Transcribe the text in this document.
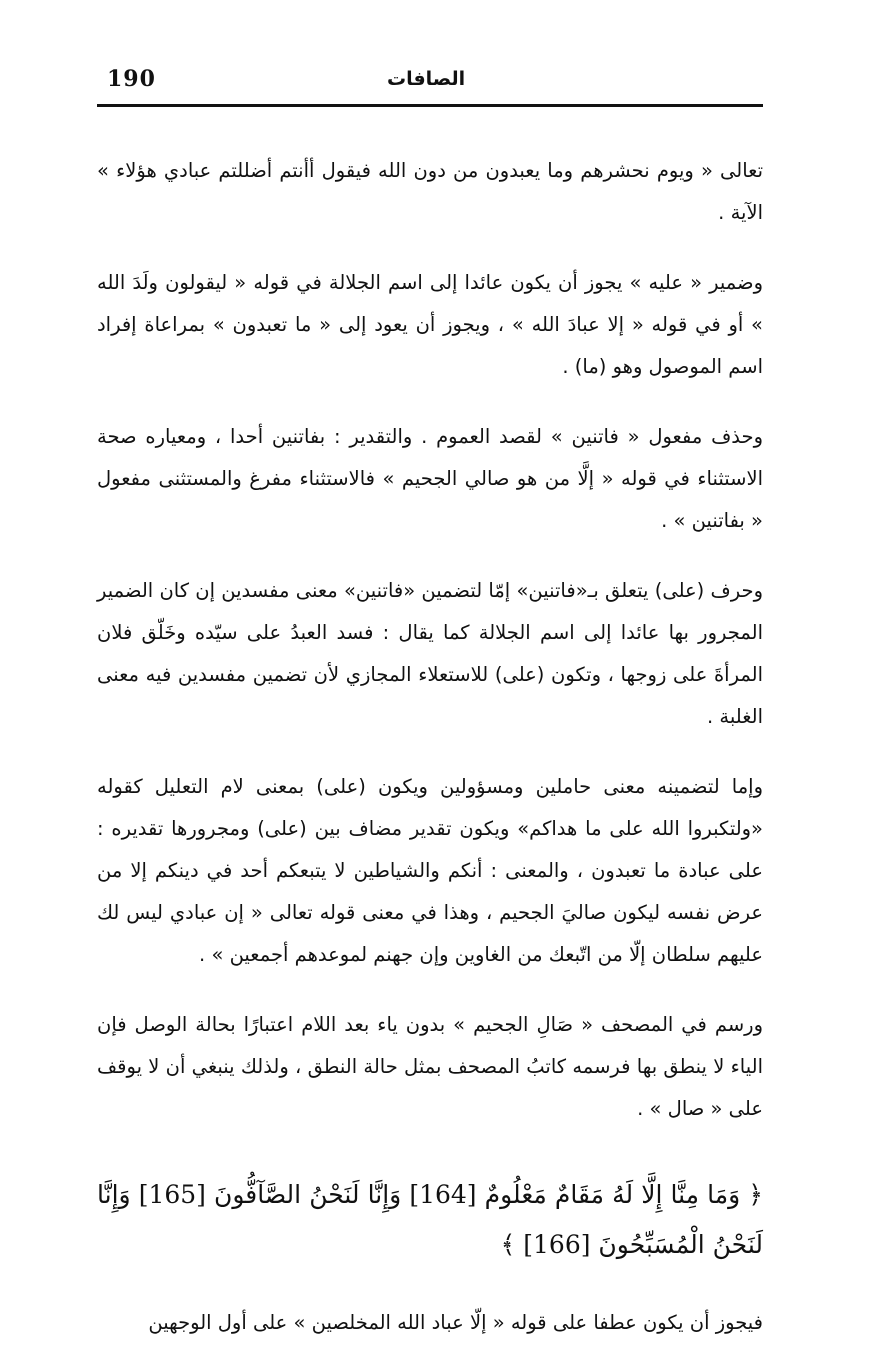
190	الصافات

تعالى « ويوم نحشرهم وما يعبدون من دون الله فيقول أأنتم أضللتم عبادي هؤلاء » الآية .

وضمير « عليه » يجوز أن يكون عائدا إلى اسم الجلالة في قوله « ليقولون ولَدَ الله » أو في قوله « إلا عبادَ الله » ، ويجوز أن يعود إلى « ما تعبدون » بمراعاة إفراد اسم الموصول وهو (ما) .

وحذف مفعول « فاتنين » لقصد العموم . والتقدير : بفاتنين أحدا ، ومعياره صحة الاستثناء في قوله « إلَّا من هو صالي الجحيم » فالاستثناء مفرغ والمستثنى مفعول « بفاتنين » .

وحرف (على) يتعلق بـ«فاتنين» إمّا لتضمين «فاتنين» معنى مفسدين إن كان الضمير المجرور بها عائدا إلى اسم الجلالة كما يقال : فسد العبدُ على سيّده وخَلّق فلان المرأةَ على زوجها ، وتكون (على) للاستعلاء المجازي لأن تضمين مفسدين فيه معنى الغلبة .

وإما لتضمينه معنى حاملين ومسؤولين ويكون (على) بمعنى لام التعليل كقوله «ولتكبروا الله على ما هداكم» ويكون تقدير مضاف بين (على) ومجرورها تقديره : على عبادة ما تعبدون ، والمعنى : أنكم والشياطين لا يتبعكم أحد في دينكم إلا من عرض نفسه ليكون صاليَ الجحيم ، وهذا في معنى قوله تعالى « إن عبادي ليس لك عليهم سلطان إلّا من اتّبعك من الغاوين وإن جهنم لموعدهم أجمعين » .

ورسم في المصحف « صَالِ الجحيم » بدون ياء بعد اللام اعتبارًا بحالة الوصل فإن الياء لا ينطق بها فرسمه كاتبُ المصحف بمثل حالة النطق ، ولذلك ينبغي أن لا يوقف على « صال » .

﴿ وَمَا مِنَّا إِلَّا لَهُ مَقَامٌ مَعْلُومٌ [164] وَإِنَّا لَنَحْنُ الصَّآفُّونَ [165] وَإِنَّا لَنَحْنُ الْمُسَبِّحُونَ [166] ﴾

فيجوز أن يكون عطفا على قوله « إلّا عباد الله المخلصين » على أول الوجهين
